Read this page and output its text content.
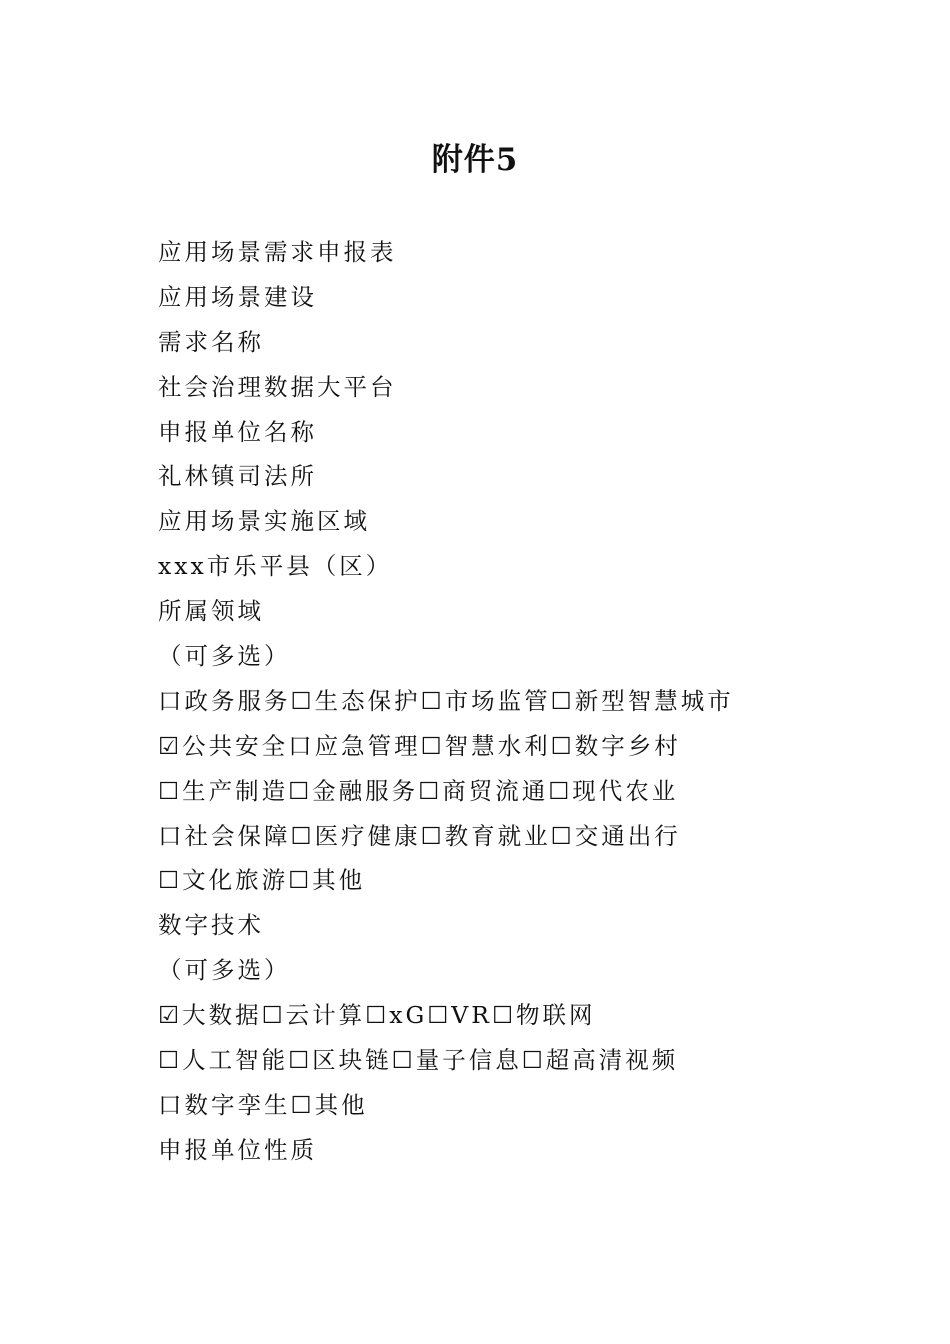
附件5
应用场景需求申报表
应用场景建设
需求名称
社会治理数据大平台
申报单位名称
礼林镇司法所
应用场景实施区域
xxx市乐平县（区）
所属领域
（可多选）
口政务服务☐生态保护☐市场监管☐新型智慧城市
☑公共安全口应急管理☐智慧水利☐数字乡村
☐生产制造☐金融服务☐商贸流通☐现代农业
口社会保障☐医疗健康☐教育就业☐交通出行
☐文化旅游☐其他
数字技术
（可多选）
☑大数据☐云计算☐xG☐VR☐物联网
☐人工智能☐区块链☐量子信息☐超高清视频
口数字孪生☐其他
申报单位性质
